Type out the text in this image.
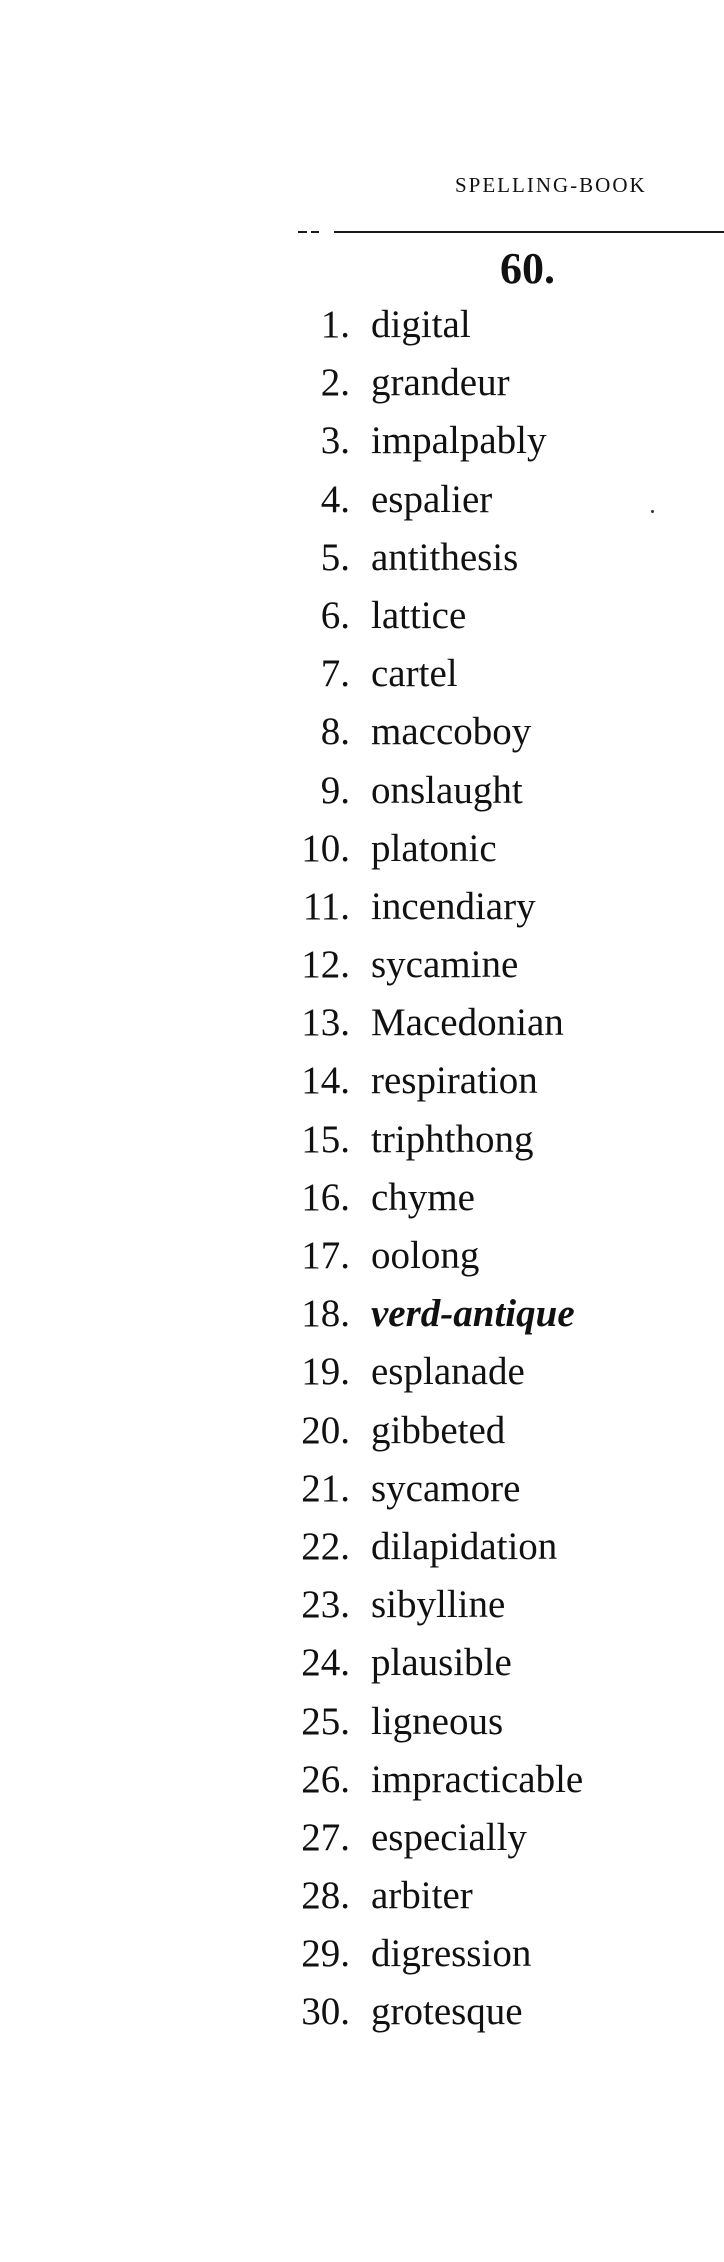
SPELLING-BOOK
60.
1. digital
2. grandeur
3. impalpably
4. espalier
5. antithesis
6. lattice
7. cartel
8. maccoboy
9. onslaught
10. platonic
11. incendiary
12. sycamine
13. Macedonian
14. respiration
15. triphthong
16. chyme
17. oolong
18. verd-antique
19. esplanade
20. gibbeted
21. sycamore
22. dilapidation
23. sibylline
24. plausible
25. ligneous
26. impracticable
27. especially
28. arbiter
29. digression
30. grotesque
